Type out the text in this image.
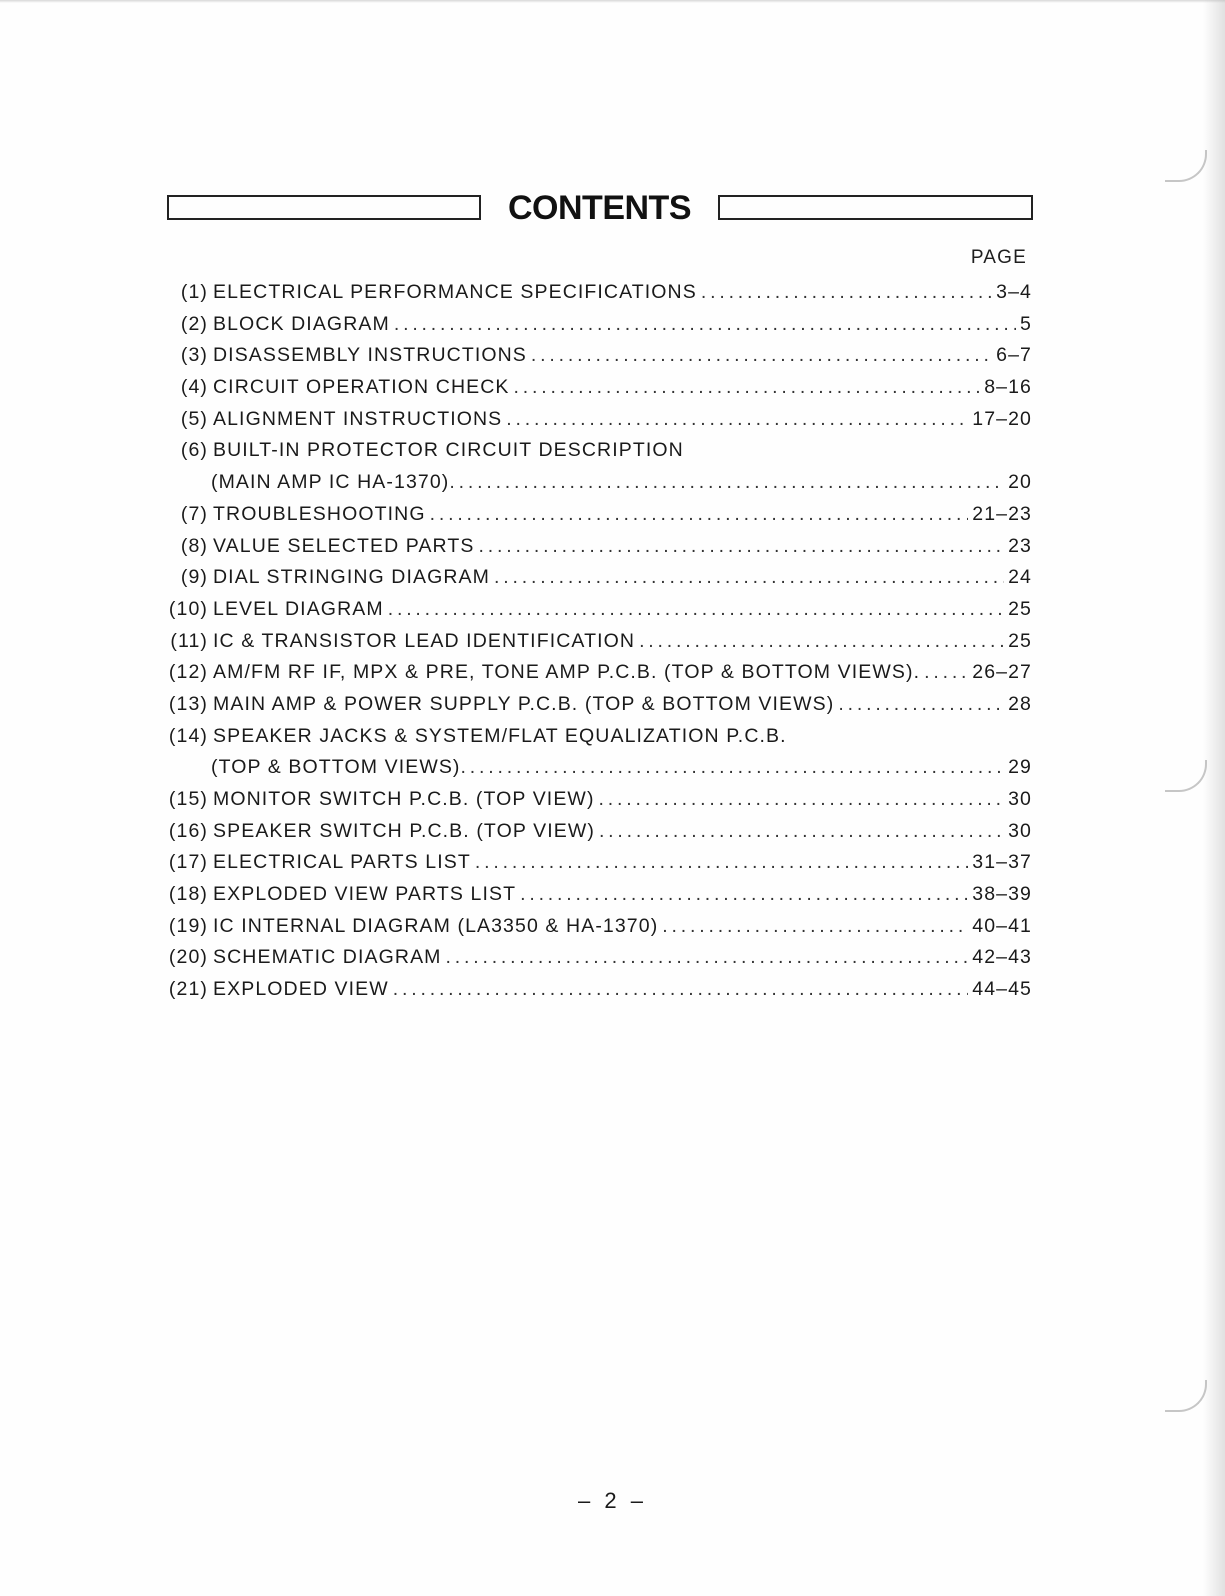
CONTENTS
PAGE
(1) ELECTRICAL PERFORMANCE SPECIFICATIONS . . .	3–4
(2) BLOCK DIAGRAM . . .	5
(3) DISASSEMBLY INSTRUCTIONS . . .	6–7
(4) CIRCUIT OPERATION CHECK . . .	8–16
(5) ALIGNMENT INSTRUCTIONS . . .	17–20
(6) BUILT-IN PROTECTOR CIRCUIT DESCRIPTION
(MAIN AMP IC HA-1370) . . .	20
(7) TROUBLESHOOTING . . .	21–23
(8) VALUE SELECTED PARTS . . .	23
(9) DIAL STRINGING DIAGRAM . . .	24
(10) LEVEL DIAGRAM . . .	25
(11) IC & TRANSISTOR LEAD IDENTIFICATION . . .	25
(12) AM/FM RF IF, MPX & PRE, TONE AMP P.C.B. (TOP & BOTTOM VIEWS). . . .	26–27
(13) MAIN AMP & POWER SUPPLY P.C.B. (TOP & BOTTOM VIEWS) . . .	28
(14) SPEAKER JACKS & SYSTEM/FLAT EQUALIZATION P.C.B.
(TOP & BOTTOM VIEWS) . . .	29
(15) MONITOR SWITCH P.C.B. (TOP VIEW) . . .	30
(16) SPEAKER SWITCH P.C.B. (TOP VIEW) . . .	30
(17) ELECTRICAL PARTS LIST . . .	31–37
(18) EXPLODED VIEW PARTS LIST . . .	38–39
(19) IC INTERNAL DIAGRAM (LA3350 & HA-1370) . . .	40–41
(20) SCHEMATIC DIAGRAM . . .	42–43
(21) EXPLODED VIEW . . .	44–45
– 2 –
